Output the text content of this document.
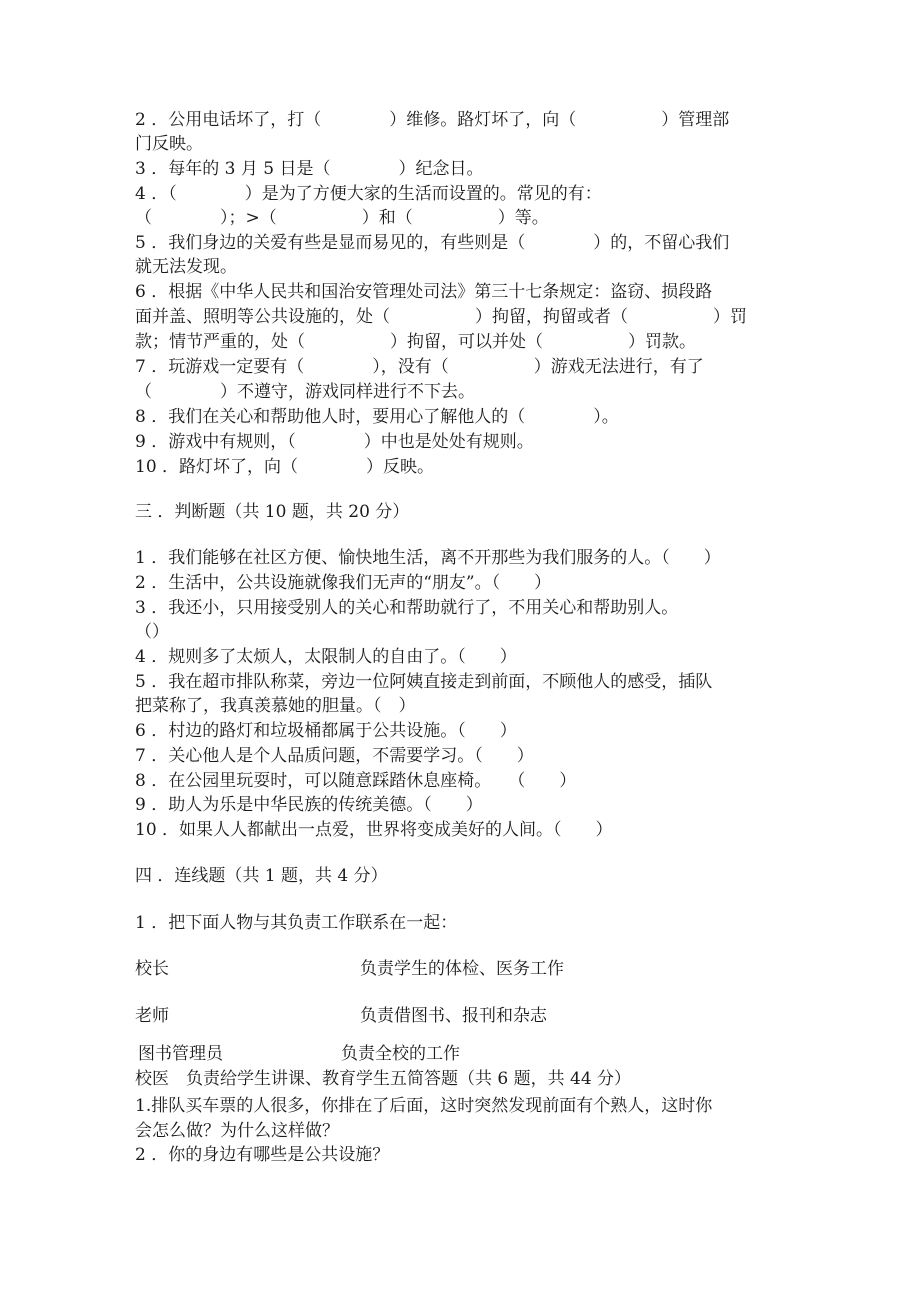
2 ．公用电话坏了，打（　　　　）维修。路灯坏了，向（　　　　　）管理部
门反映。
3 ．每年的 3 月 5 日是（　　　　）纪念日。
4 ．（　　　　）是为了方便大家的生活而设置的。常见的有：
（　　　　）；>（　　　　　）和（　　　　　）等。
5 ．我们身边的关爱有些是显而易见的，有些则是（　　　　）的，不留心我们
就无法发现。
6 ．根据《中华人民共和国治安管理处司法》第三十七条规定：盗窃、损段路
面并盖、照明等公共设施的，处（　　　　　）拘留，拘留或者（　　　　　）罚
款；情节严重的，处（　　　　　）拘留，可以并处（　　　　　）罚款。
7 ．玩游戏一定要有（　　　　），没有（　　　　　）游戏无法进行，有了
（　　　　）不遵守，游戏同样进行不下去。
8 ．我们在关心和帮助他人时，要用心了解他人的（　　　　）。
9 ．游戏中有规则，（　　　　）中也是处处有规则。
10 ．路灯坏了，向（　　　　）反映。
三 ．判断题（共 10 题，共 20 分）
1 ．我们能够在社区方便、愉快地生活，离不开那些为我们服务的人。（　　）
2 ．生活中，公共设施就像我们无声的“朋友”。（　　）
3 ．我还小，只用接受别人的关心和帮助就行了，不用关心和帮助别人。
（）
4 ．规则多了太烦人，太限制人的自由了。（　　）
5 ．我在超市排队称菜，旁边一位阿姨直接走到前面，不顾他人的感受，插队
把菜称了，我真羡慕她的胆量。（　）
6 ．村边的路灯和垃圾桶都属于公共设施。（　　）
7 ．关心他人是个人品质问题，不需要学习。（　　）
8 ．在公园里玩耍时，可以随意踩踏休息座椅。　　（　　）
9 ．助人为乐是中华民族的传统美德。（　　）
10 ．如果人人都献出一点爱，世界将变成美好的人间。（　　）
四 ．连线题（共 1 题，共 4 分）
1 ．把下面人物与其负责工作联系在一起：
校长	负责学生的体检、医务工作
老师	负责借图书、报刊和杂志
图书管理员	负责全校的工作
校医　负责给学生讲课、教育学生五简答题（共 6 题，共 44 分）
1.排队买车票的人很多，你排在了后面，这时突然发现前面有个熟人，这时你
会怎么做？为什么这样做？
2 ．你的身边有哪些是公共设施？
